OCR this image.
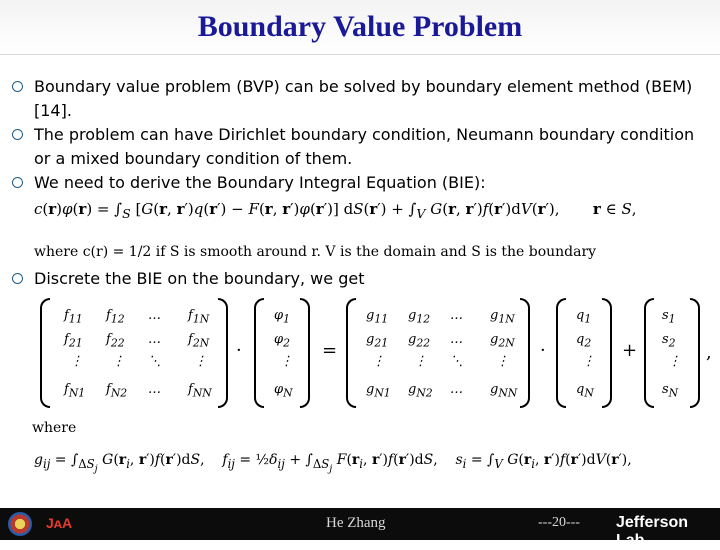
Boundary Value Problem
Boundary value problem (BVP) can be solved by boundary element method (BEM) [14].
The problem can have Dirichlet boundary condition, Neumann boundary condition or a mixed boundary condition of them.
We need to derive the Boundary Integral Equation (BIE):
$c(r)\varphi(r) = \int_S$ [G(r, r′)q(r′) − F(r, r′)φ(r′)] $dS(r') + \int_V$ G(r, r′)f(r′)dV(r′),       r ∈ S,
where c(r) = 1/2 if S is smooth around r. V is the domain and S is the boundary
Discrete the BIE on the boundary, we get
$f_{11}$ $f_{12}$ … $f_{1N}$
$f_{21}$ $f_{22}$ … $f_{2N}$
⋮ ⋮ ⋱	⋮
$f_{N1}$ $f_{N2}$ … $f_{NN}$
·
$\varphi_1$
$\varphi_2$
⋮
$\varphi_N$
=
$g_{11}$ $g_{12}$ … $g_{1N}$
$g_{21}$ $g_{22}$ … $g_{2N}$
⋮ ⋮ ⋱	⋮
$g_{N1}$ $g_{N2}$ … $g_{NN}$
·
$q_1$
$q_2$
⋮
$q_N$
+
$s_1$
$s_2$
⋮
$s_N$
,
where
$g_{ij} = \int_{\Delta S_j}$ $G(r_i$, r′)f(r′)dS,    $f_{ij}$ = $\frac{1}{2}\delta_{ij} + \int_{\Delta S_j}$ $F(r_i$, r′)f(r′)dS,    $s_i = \int_V$ $G(r_i$, r′)f(r′)dV(r′),
JᴀA	He Zhang	---20--- Jefferson Lab
